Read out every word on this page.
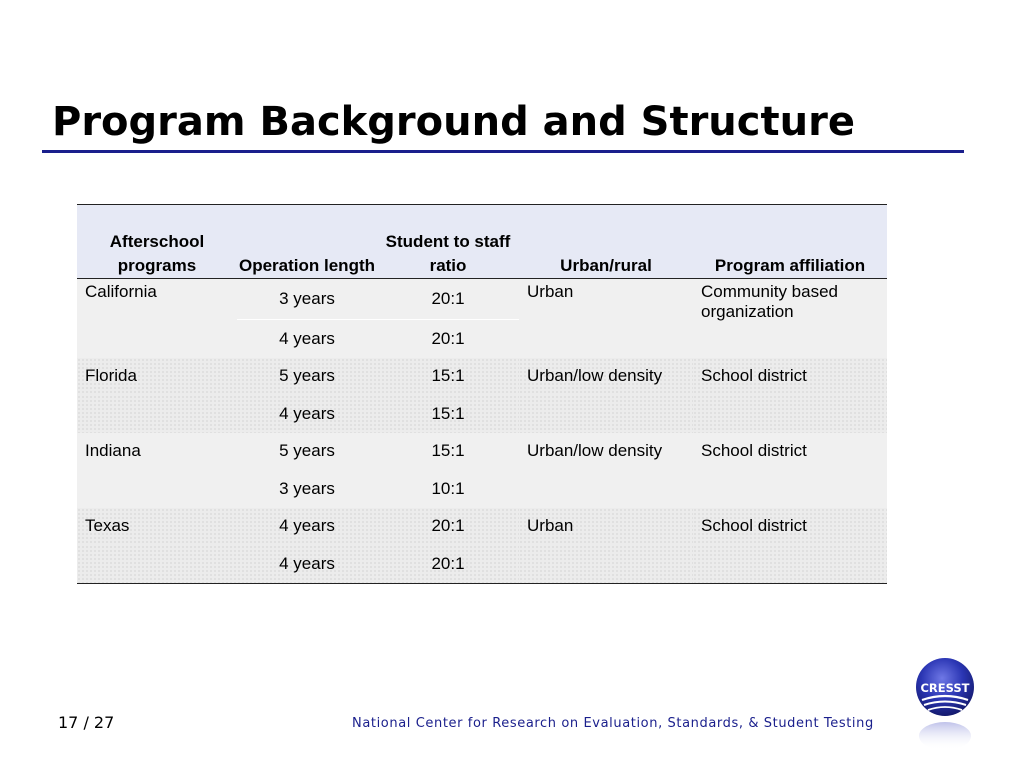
Program Background and Structure
Afterschool programs	Operation length	Student to staff ratio	Urban/rural	Program affiliation

California	3 years	20:1	Urban	Community based organization
	4 years	20:1		
Florida	5 years	15:1	Urban/low density	School district
	4 years	15:1		
Indiana	5 years	15:1	Urban/low density	School district
	3 years	10:1		
Texas	4 years	20:1	Urban	School district
	4 years	20:1		
17 / 27	National Center for Research on Evaluation, Standards, & Student Testing
CRESST
